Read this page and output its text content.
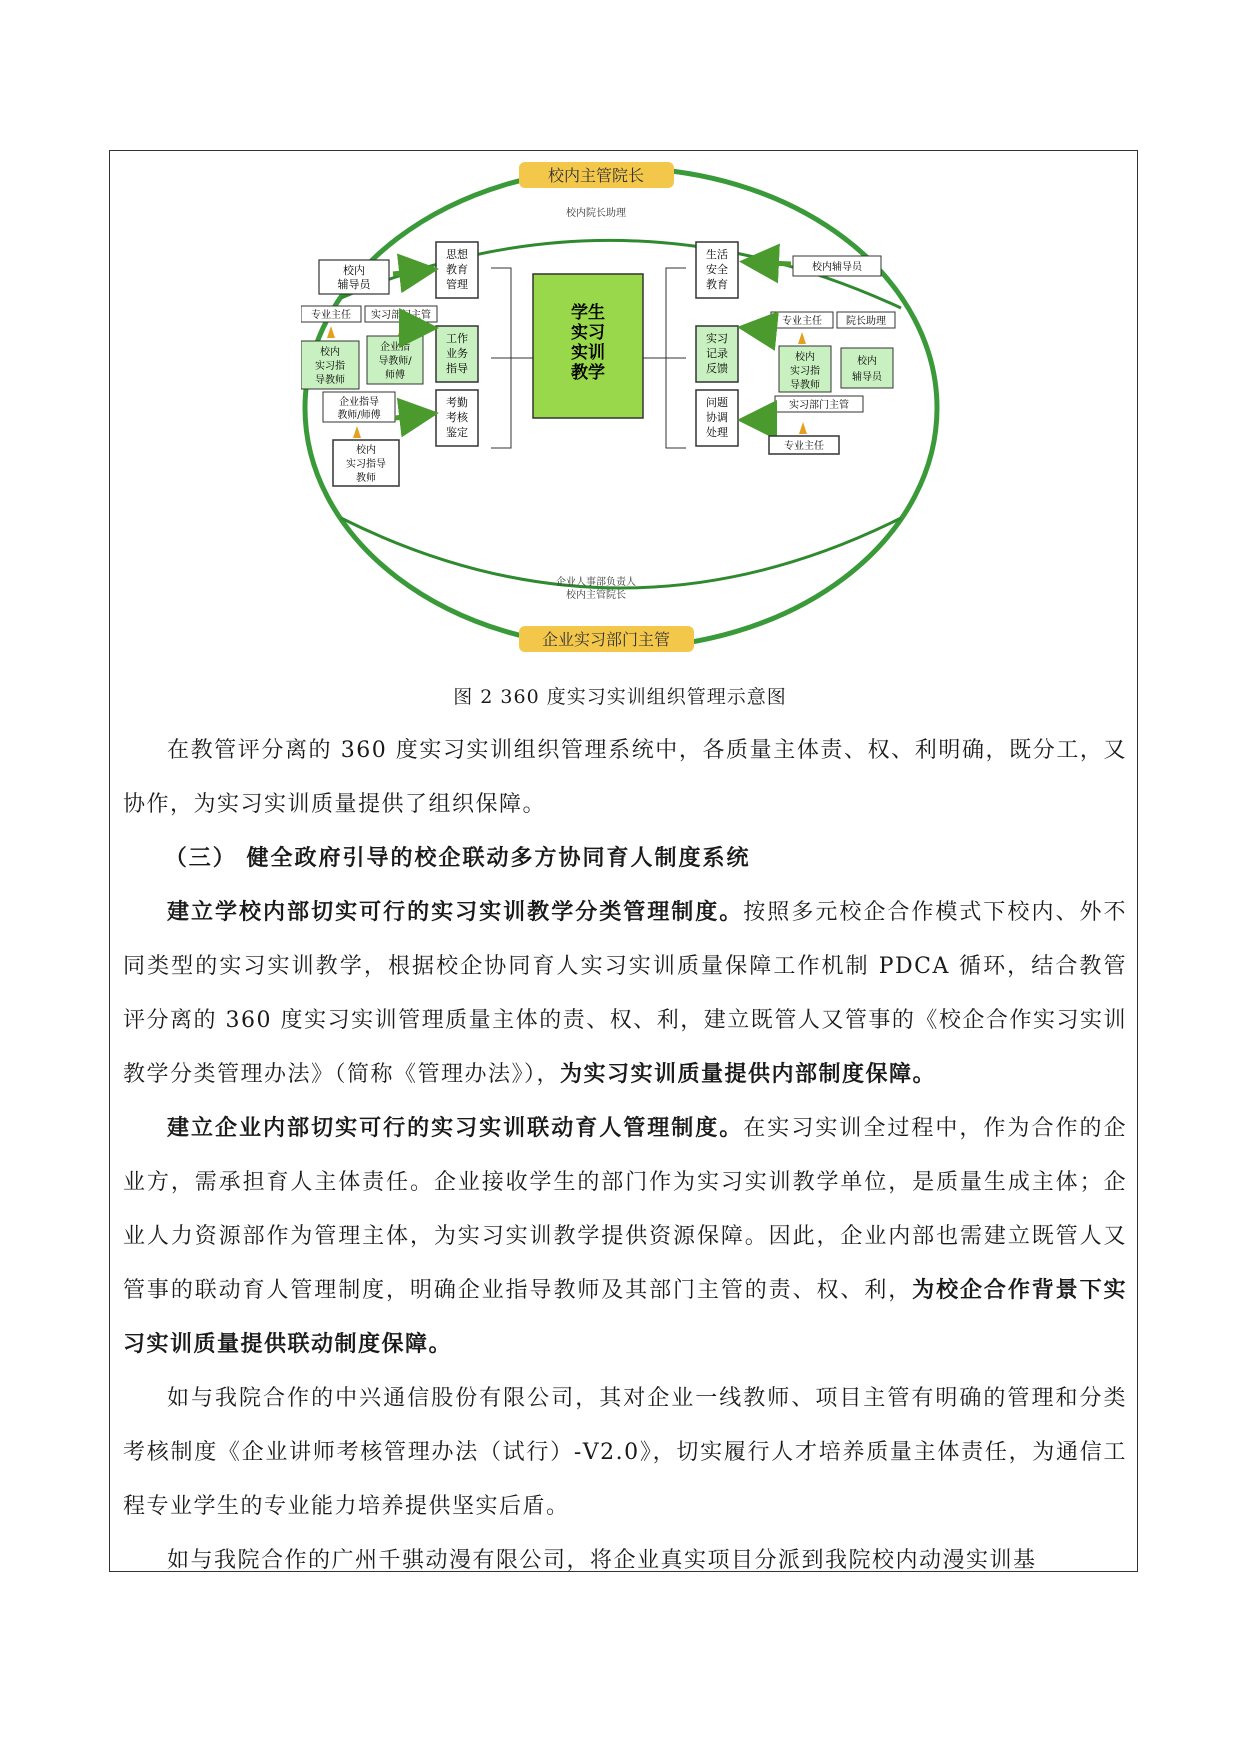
校内主管院长
校内院长助理
企业实习部门主管
企业人事部负责人
校内主管院长
学生
实习
实训
教学
思想
教育
管理
工作
业务
指导
考勤
考核
鉴定
生活
安全
教育
实习
记录
反馈
问题
协调
处理
校内
辅导员
专业主任 实习部门主管
校内
实习指
导教师
企业指
导教师/
师傅
企业指导
教师/师傅
校内
实习指导
教师
校内辅导员
专业主任 院长助理
校内
实习指
导教师
校内
辅导员
实习部门主管
专业主任
图 2 360 度实习实训组织管理示意图

在教管评分离的 360 度实习实训组织管理系统中，各质量主体责、权、利明确，既分工，又协作，为实习实训质量提供了组织保障。

（三） 健全政府引导的校企联动多方协同育人制度系统

建立学校内部切实可行的实习实训教学分类管理制度。按照多元校企合作模式下校内、外不同类型的实习实训教学，根据校企协同育人实习实训质量保障工作机制 PDCA 循环，结合教管评分离的 360 度实习实训管理质量主体的责、权、利，建立既管人又管事的《校企合作实习实训教学分类管理办法》（简称《管理办法》），为实习实训质量提供内部制度保障。

建立企业内部切实可行的实习实训联动育人管理制度。在实习实训全过程中，作为合作的企业方，需承担育人主体责任。企业接收学生的部门作为实习实训教学单位，是质量生成主体；企业人力资源部作为管理主体，为实习实训教学提供资源保障。因此，企业内部也需建立既管人又管事的联动育人管理制度，明确企业指导教师及其部门主管的责、权、利，为校企合作背景下实习实训质量提供联动制度保障。

如与我院合作的中兴通信股份有限公司，其对企业一线教师、项目主管有明确的管理和分类考核制度《企业讲师考核管理办法（试行）-V2.0》，切实履行人才培养质量主体责任，为通信工程专业学生的专业能力培养提供坚实后盾。

如与我院合作的广州千骐动漫有限公司，将企业真实项目分派到我院校内动漫实训基
